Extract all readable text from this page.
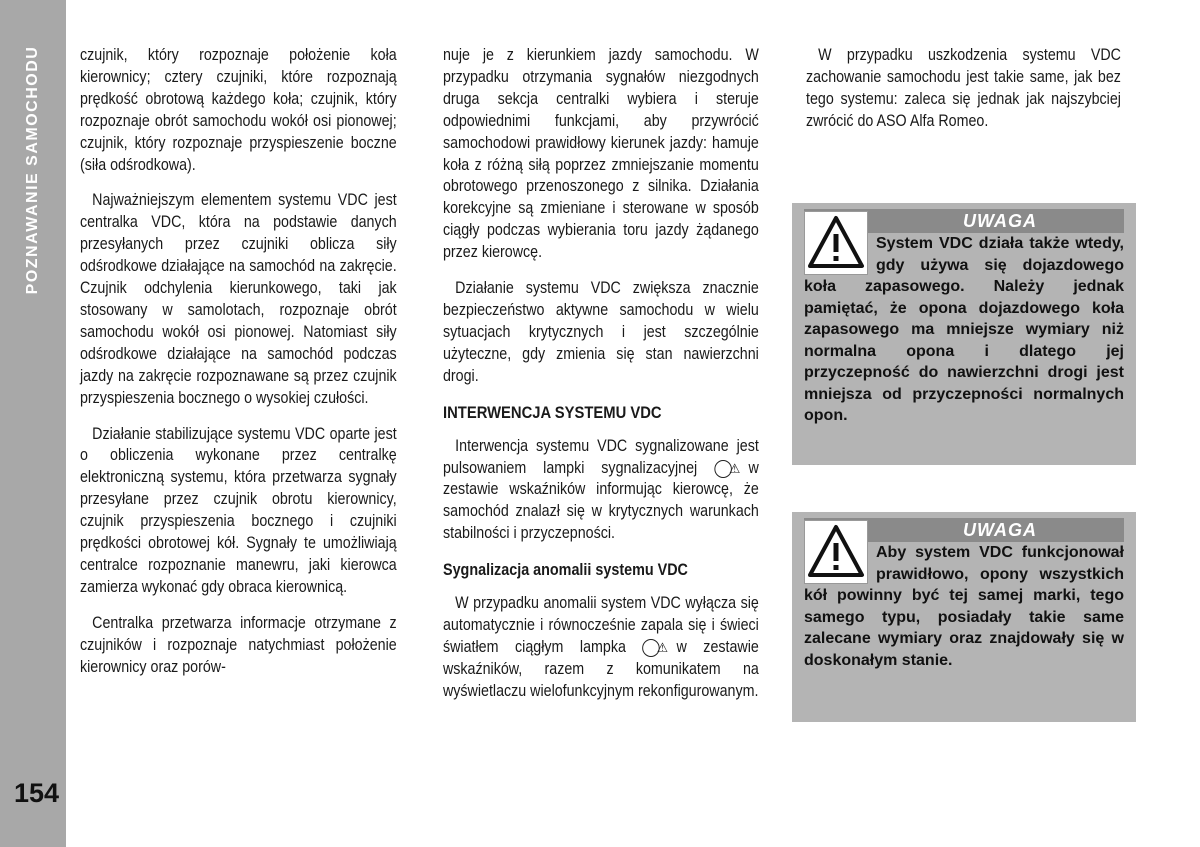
POZNAWANIE SAMOCHODU
154

czujnik, który rozpoznaje położenie koła kierownicy; cztery czujniki, które rozpoznają prędkość obrotową każdego koła; czujnik, który rozpoznaje obrót samochodu wokół osi pionowej; czujnik, który rozpoznaje przyspieszenie boczne (siła odśrodkowa).

Najważniejszym elementem systemu VDC jest centralka VDC, która na podstawie danych przesyłanych przez czujniki oblicza siły odśrodkowe działające na samochód na zakręcie. Czujnik odchylenia kierunkowego, taki jak stosowany w samolotach, rozpoznaje obrót samochodu wokół osi pionowej. Natomiast siły odśrodkowe działające na samochód podczas jazdy na zakręcie rozpoznawane są przez czujnik przyspieszenia bocznego o wysokiej czułości.

Działanie stabilizujące systemu VDC oparte jest o obliczenia wykonane przez centralkę elektroniczną systemu, która przetwarza sygnały przesyłane przez czujnik obrotu kierownicy, czujnik przyspieszenia bocznego i czujniki prędkości obrotowej kół. Sygnały te umożliwiają centralce rozpoznanie manewru, jaki kierowca zamierza wykonać gdy obraca kierownicą.

Centralka przetwarza informacje otrzymane z czujników i rozpoznaje natychmiast położenie kierownicy oraz porów-

nuje je z kierunkiem jazdy samochodu. W przypadku otrzymania sygnałów niezgodnych druga sekcja centralki wybiera i steruje odpowiednimi funkcjami, aby przywrócić samochodowi prawidłowy kierunek jazdy: hamuje koła z różną siłą poprzez zmniejszanie momentu obrotowego przenoszonego z silnika. Działania korekcyjne są zmieniane i sterowane w sposób ciągły podczas wybierania toru jazdy żądanego przez kierowcę.

Działanie systemu VDC zwiększa znacznie bezpieczeństwo aktywne samochodu w wielu sytuacjach krytycznych i jest szczególnie użyteczne, gdy zmienia się stan nawierzchni drogi.

INTERWENCJA SYSTEMU VDC

Interwencja systemu VDC sygnalizowane jest pulsowaniem lampki sygnalizacyjnej ⚠ w zestawie wskaźników informując kierowcę, że samochód znalazł się w krytycznych warunkach stabilności i przyczepności.

Sygnalizacja anomalii systemu VDC

W przypadku anomalii system VDC wyłącza się automatycznie i równocześnie zapala się i świeci światłem ciągłym lampka ⚠ w zestawie wskaźników, razem z komunikatem na wyświetlaczu wielofunkcyjnym rekonfigurowanym.

W przypadku uszkodzenia systemu VDC zachowanie samochodu jest takie same, jak bez tego systemu: zaleca się jednak jak najszybciej zwrócić do ASO Alfa Romeo.

UWAGA
System VDC działa także wtedy, gdy używa się dojazdowego koła zapasowego. Należy jednak pamiętać, że opona dojazdowego koła zapasowego ma mniejsze wymiary niż normalna opona i dlatego jej przyczepność do nawierzchni drogi jest mniejsza od przyczepności normalnych opon.
UWAGA
Aby system VDC funkcjonował prawidłowo, opony wszystkich kół powinny być tej samej marki, tego samego typu, posiadały takie same zalecane wymiary oraz znajdowały się w doskonałym stanie.
